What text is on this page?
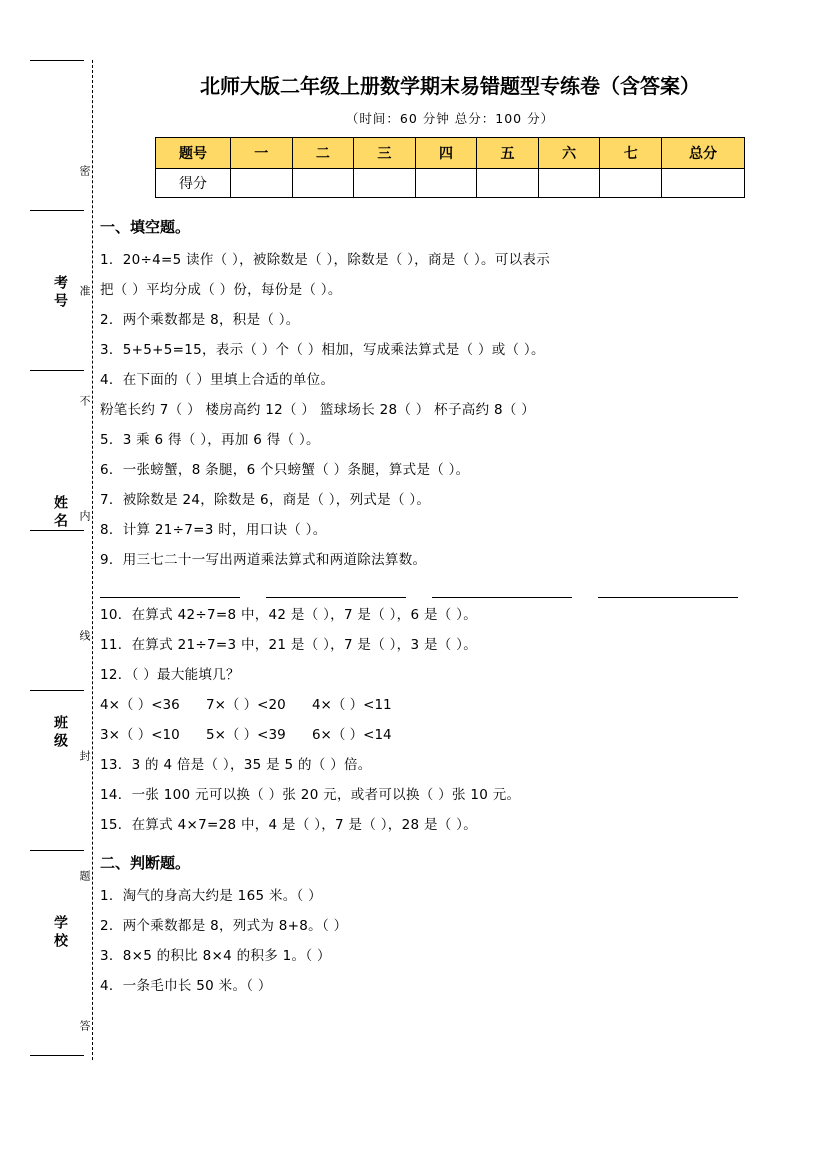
考号
姓名
班级
学校
密
准
不
内
线
封
题
答
北师大版二年级上册数学期末易错题型专练卷（含答案）
（时间：60 分钟 总分：100 分）
题号	一	二	三	四	五	六	七	总分
得分								
一、填空题。

1．20÷4=5 读作（ ），被除数是（ ），除数是（ ），商是（ ）。可以表示

把（ ）平均分成（ ）份，每份是（ ）。

2．两个乘数都是 8，积是（ ）。

3．5+5+5=15，表示（ ）个（ ）相加，写成乘法算式是（ ）或（ ）。

4．在下面的（ ）里填上合适的单位。

粉笔长约 7（ ） 楼房高约 12（ ） 篮球场长 28（ ） 杯子高约 8（ ）

5．3 乘 6 得（ ），再加 6 得（ ）。

6．一张螃蟹，8 条腿，6 个只螃蟹（ ）条腿，算式是（ ）。

7．被除数是 24，除数是 6，商是（ ），列式是（ ）。

8．计算 21÷7=3 时，用口诀（ ）。

9．用三七二十一写出两道乘法算式和两道除法算数。

10．在算式 42÷7=8 中，42 是（ ），7 是（ ），6 是（ ）。

11．在算式 21÷7=3 中，21 是（ ），7 是（ ），3 是（ ）。

12．（ ）最大能填几？

4×（ ）<36 7×（ ）<20 4×（ ）<11
3×（ ）<10 5×（ ）<39 6×（ ）<14

13．3 的 4 倍是（ ），35 是 5 的（ ）倍。

14．一张 100 元可以换（ ）张 20 元，或者可以换（ ）张 10 元。

15．在算式 4×7=28 中，4 是（ ），7 是（ ），28 是（ ）。

二、判断题。

1．淘气的身高大约是 165 米。（ ）

2．两个乘数都是 8，列式为 8+8。（ ）

3．8×5 的积比 8×4 的积多 1。（ ）

4．一条毛巾长 50 米。（ ）
